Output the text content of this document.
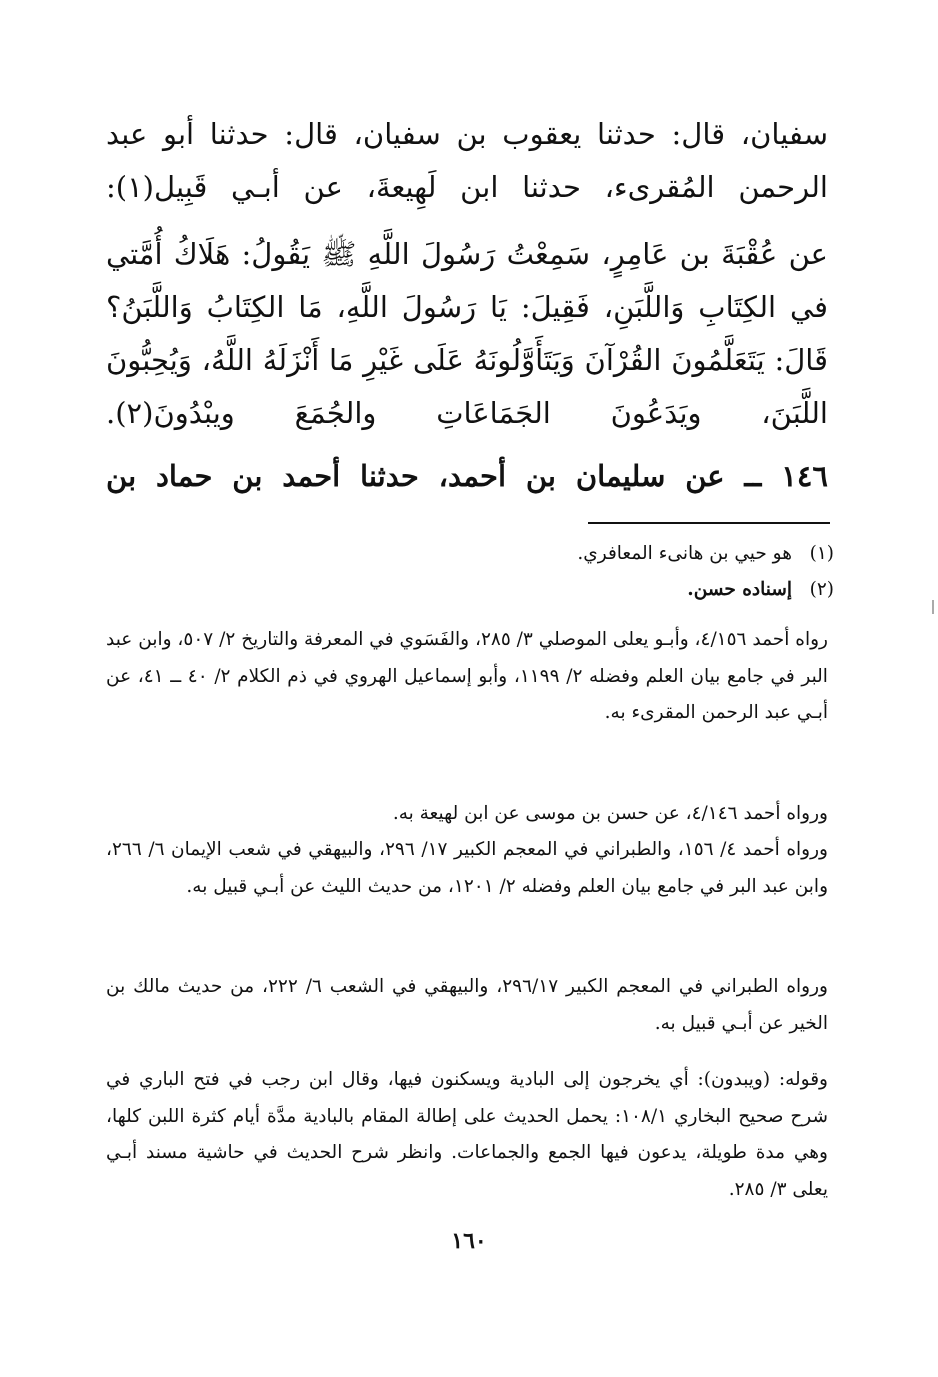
سفيان، قال: حدثنا يعقوب بن سفيان، قال: حدثنا أبو عبد الرحمن المُقرىء، حدثنا ابن لَهِيعةَ، عن أبـي قَبِيل(١):
عن عُقْبَةَ بن عَامِرٍ، سَمِعْتُ رَسُولَ اللَّهِ ﷺ يَقُولُ: هَلَاكُ أُمَّتي في الكِتَابِ وَاللَّبَنِ، فَقِيلَ: يَا رَسُولَ اللَّهِ، مَا الكِتَابُ وَاللَّبَنُ؟ قَالَ: يَتَعَلَّمُونَ القُرْآنَ وَيَتَأَوَّلُونَهُ عَلَى غَيْرِ مَا أَنْزَلَهُ اللَّهُ، وَيُحِبُّونَ اللَّبَنَ، ويَدَعُونَ الجَمَاعَاتِ والجُمَعَ ويبْدُونَ(٢).
١٤٦ ــ عن سليمان بن أحمد، حدثنا أحمد بن حماد بن
(١)هو حيي بن هانىء المعافري.
(٢)إسناده حسن.
رواه أحمد ٤/١٥٦، وأبـو يعلى الموصلي ٣/ ٢٨٥، والفَسَوي في المعرفة والتاريخ ٢/ ٥٠٧، وابن عبد البر في جامع بيان العلم وفضله ٢/ ١١٩٩، وأبو إسماعيل الهروي في ذم الكلام ٢/ ٤٠ ــ ٤١، عن أبـي عبد الرحمن المقرىء به.
ورواه أحمد ٤/١٤٦، عن حسن بن موسى عن ابن لهيعة به.
ورواه أحمد ٤/ ١٥٦، والطبراني في المعجم الكبير ١٧/ ٢٩٦، والبيهقي في شعب الإيمان ٦/ ٢٦٦، وابن عبد البر في جامع بيان العلم وفضله ٢/ ١٢٠١، من حديث الليث عن أبـي قبيل به.
ورواه الطبراني في المعجم الكبير ٢٩٦/١٧، والبيهقي في الشعب ٦/ ٢٢٢، من حديث مالك بن الخير عن أبـي قبيل به.
وقوله: (ويبدون): أي يخرجون إلى البادية ويسكنون فيها، وقال ابن رجب في فتح الباري في شرح صحيح البخاري ١٠٨/١: يحمل الحديث على إطالة المقام بالبادية مدَّة أيام كثرة اللبن كلها، وهي مدة طويلة، يدعون فيها الجمع والجماعات. وانظر شرح الحديث في حاشية مسند أبـي يعلى ٣/ ٢٨٥.
١٦٠
